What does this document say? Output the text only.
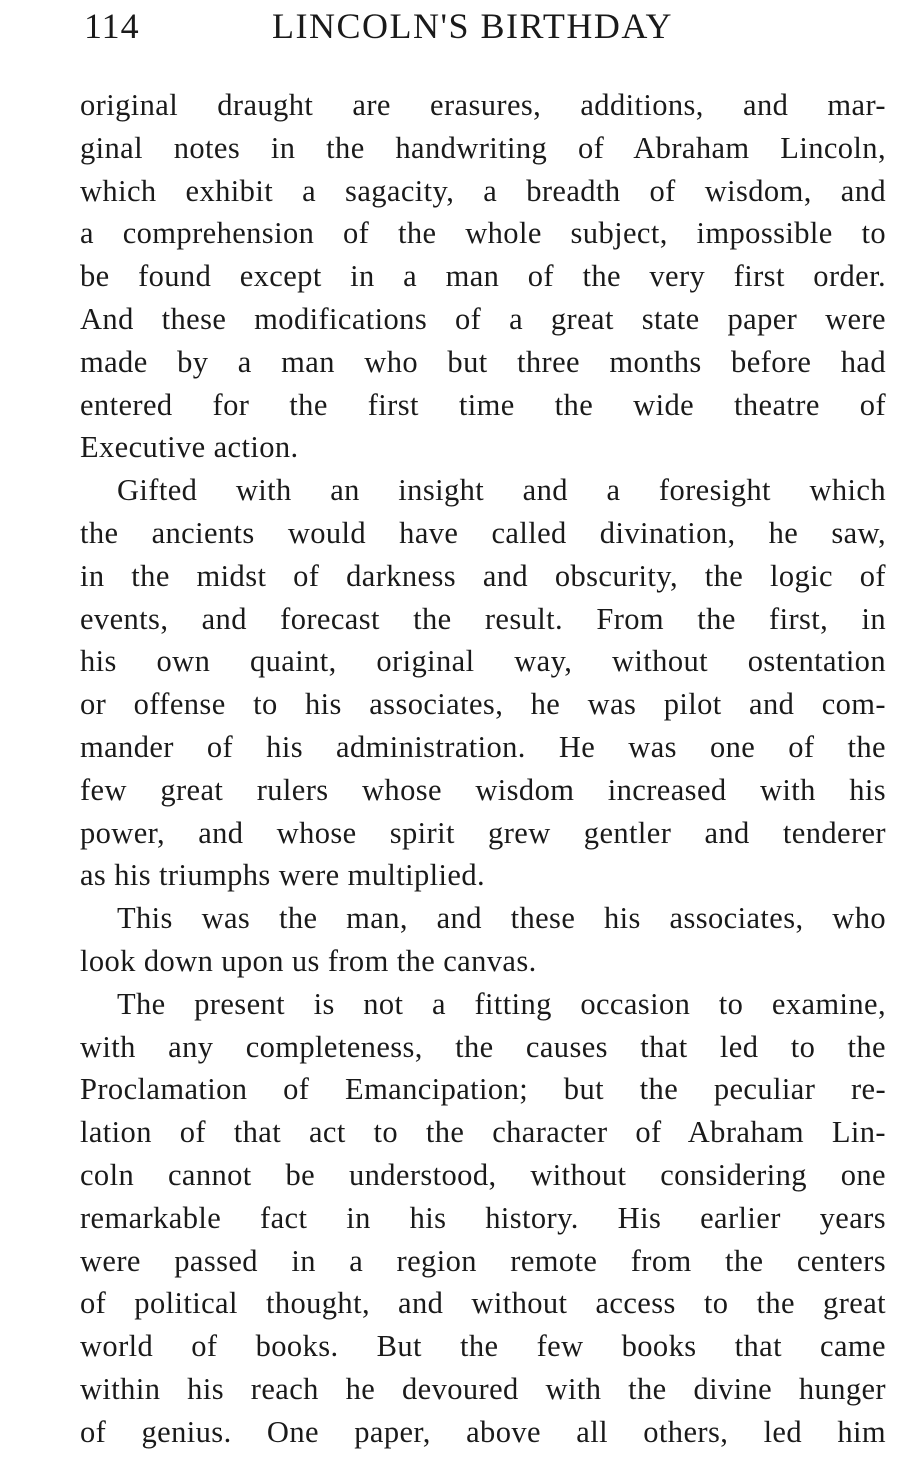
114	LINCOLN'S BIRTHDAY
original draught are erasures, additions, and mar-
ginal notes in the handwriting of Abraham Lincoln,
which exhibit a sagacity, a breadth of wisdom, and
a comprehension of the whole subject, impossible to
be found except in a man of the very first order.
And these modifications of a great state paper were
made by a man who but three months before had
entered for the first time the wide theatre of
Executive action.
Gifted with an insight and a foresight which
the ancients would have called divination, he saw,
in the midst of darkness and obscurity, the logic of
events, and forecast the result. From the first, in
his own quaint, original way, without ostentation
or offense to his associates, he was pilot and com-
mander of his administration. He was one of the
few great rulers whose wisdom increased with his
power, and whose spirit grew gentler and tenderer
as his triumphs were multiplied.
This was the man, and these his associates, who
look down upon us from the canvas.
The present is not a fitting occasion to examine,
with any completeness, the causes that led to the
Proclamation of Emancipation; but the peculiar re-
lation of that act to the character of Abraham Lin-
coln cannot be understood, without considering one
remarkable fact in his history. His earlier years
were passed in a region remote from the centers
of political thought, and without access to the great
world of books. But the few books that came
within his reach he devoured with the divine hunger
of genius. One paper, above all others, led him
